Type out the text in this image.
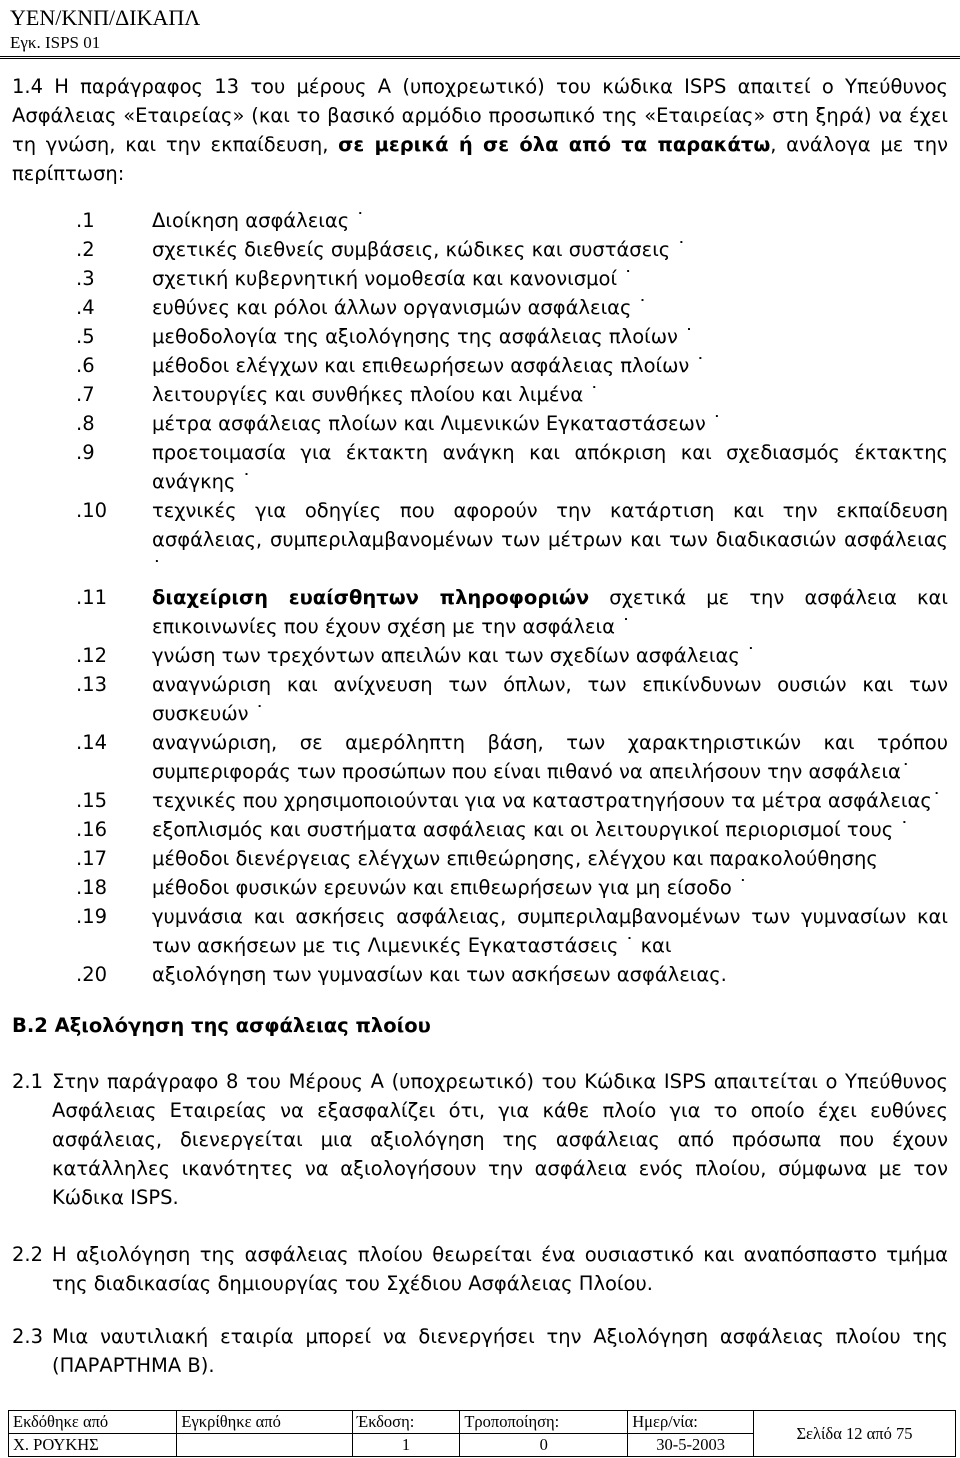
ΥΕΝ/ΚΝΠ/ΔΙΚΑΠΛ
Εγκ. ISPS 01

1.4 Η παράγραφος 13 του μέρους Α (υποχρεωτικό) του κώδικα ISPS απαιτεί ο Υπεύθυνος Ασφάλειας «Εταιρείας» (και το βασικό αρμόδιο προσωπικό της «Εταιρείας» στη ξηρά) να έχει τη γνώση, και την εκπαίδευση, σε μερικά ή σε όλα από τα παρακάτω, ανάλογα με την περίπτωση:

.1	Διοίκηση ασφάλειας ˙
.2	σχετικές διεθνείς συμβάσεις, κώδικες και συστάσεις ˙
.3	σχετική κυβερνητική νομοθεσία και κανονισμοί ˙
.4	ευθύνες και ρόλοι άλλων οργανισμών ασφάλειας ˙
.5	μεθοδολογία της αξιολόγησης της ασφάλειας πλοίων ˙
.6	μέθοδοι ελέγχων και επιθεωρήσεων ασφάλειας πλοίων ˙
.7	λειτουργίες και συνθήκες πλοίου και λιμένα ˙
.8	μέτρα ασφάλειας πλοίων και Λιμενικών Εγκαταστάσεων ˙
.9	προετοιμασία για έκτακτη ανάγκη και απόκριση και σχεδιασμός έκτακτης ανάγκης ˙
.10	τεχνικές για οδηγίες που αφορούν την κατάρτιση και την εκπαίδευση ασφάλειας, συμπεριλαμβανομένων των μέτρων και των διαδικασιών ασφάλειας ˙
.11	διαχείριση ευαίσθητων πληροφοριών σχετικά με την ασφάλεια και επικοινωνίες που έχουν σχέση με την ασφάλεια ˙
.12	γνώση των τρεχόντων απειλών και των σχεδίων ασφάλειας ˙
.13	αναγνώριση και ανίχνευση των όπλων, των επικίνδυνων ουσιών και των συσκευών ˙
.14	αναγνώριση, σε αμερόληπτη βάση, των χαρακτηριστικών και τρόπου συμπεριφοράς των προσώπων που είναι πιθανό να απειλήσουν την ασφάλεια˙
.15	τεχνικές που χρησιμοποιούνται για να καταστρατηγήσουν τα μέτρα ασφάλειας˙
.16	εξοπλισμός και συστήματα ασφάλειας και οι λειτουργικοί περιορισμοί τους ˙
.17	μέθοδοι διενέργειας ελέγχων επιθεώρησης, ελέγχου και παρακολούθησης
.18	μέθοδοι φυσικών ερευνών και επιθεωρήσεων για μη είσοδο ˙
.19	γυμνάσια και ασκήσεις ασφάλειας, συμπεριλαμβανομένων των γυμνασίων και των ασκήσεων με τις Λιμενικές Εγκαταστάσεις ˙ και
.20	αξιολόγηση των γυμνασίων και των ασκήσεων ασφάλειας.
Β.2 Αξιολόγηση της ασφάλειας πλοίου
2.1 Στην παράγραφο 8 του Μέρους Α (υποχρεωτικό) του Κώδικα ISPS απαιτείται ο Υπεύθυνος Ασφάλειας Εταιρείας να εξασφαλίζει ότι, για κάθε πλοίο για το οποίο έχει ευθύνες ασφάλειας, διενεργείται μια αξιολόγηση της ασφάλειας από πρόσωπα που έχουν κατάλληλες ικανότητες να αξιολογήσουν την ασφάλεια ενός πλοίου, σύμφωνα με τον Κώδικα ISPS.
2.2 Η αξιολόγηση της ασφάλειας πλοίου θεωρείται ένα ουσιαστικό και αναπόσπαστο τμήμα της διαδικασίας δημιουργίας του Σχέδιου Ασφάλειας Πλοίου.
2.3 Μια ναυτιλιακή εταιρία μπορεί να διενεργήσει την Αξιολόγηση ασφάλειας πλοίου της (ΠΑΡΑΡΤΗΜΑ Β).
Εκδόθηκε από	Εγκρίθηκε από	Έκδοση:	Τροποποίηση:	Ημερ/νία:	Σελίδα 12 από 75
Χ. ΡΟΥΚΗΣ		1	0	30-5-2003	
